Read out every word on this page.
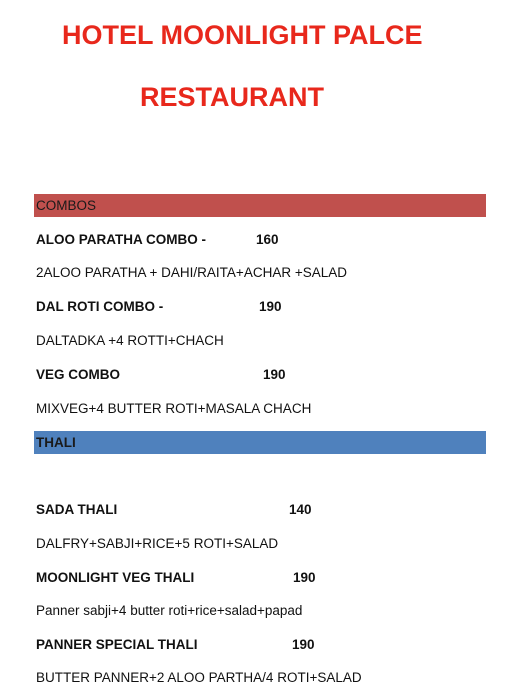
HOTEL MOONLIGHT PALCE
RESTAURANT
COMBOS
ALOO PARATHA COMBO -	160
2ALOO PARATHA + DAHI/RAITA+ACHAR +SALAD
DAL ROTI COMBO -	190
DALTADKA +4 ROTTI+CHACH
VEG COMBO	190
MIXVEG+4 BUTTER ROTI+MASALA CHACH
THALI
SADA THALI	140
DALFRY+SABJI+RICE+5 ROTI+SALAD
MOONLIGHT VEG THALI	190
Panner sabji+4 butter roti+rice+salad+papad
PANNER SPECIAL THALI	190
BUTTER PANNER+2 ALOO PARTHA/4 ROTI+SALAD
